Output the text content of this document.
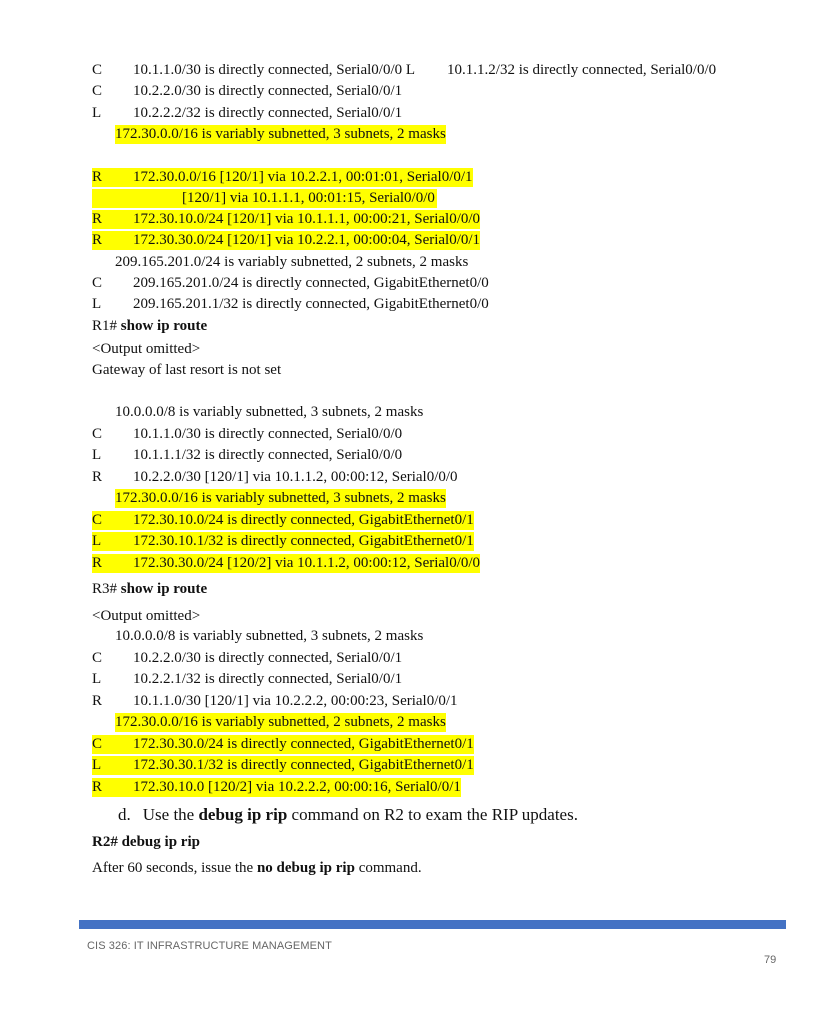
C 10.1.1.0/30 is directly connected, Serial0/0/0 L 10.1.1.2/32 is directly connected, Serial0/0/0
C 10.2.2.0/30 is directly connected, Serial0/0/1
L 10.2.2.2/32 is directly connected, Serial0/0/1
172.30.0.0/16 is variably subnetted, 3 subnets, 2 masks
R 172.30.0.0/16 [120/1] via 10.2.2.1, 00:01:01, Serial0/0/1
[120/1] via 10.1.1.1, 00:01:15, Serial0/0/0
R 172.30.10.0/24 [120/1] via 10.1.1.1, 00:00:21, Serial0/0/0
R 172.30.30.0/24 [120/1] via 10.2.2.1, 00:00:04, Serial0/0/1
209.165.201.0/24 is variably subnetted, 2 subnets, 2 masks
C 209.165.201.0/24 is directly connected, GigabitEthernet0/0
L 209.165.201.1/32 is directly connected, GigabitEthernet0/0
R1# show ip route
<Output omitted>
Gateway of last resort is not set
10.0.0.0/8 is variably subnetted, 3 subnets, 2 masks
C 10.1.1.0/30 is directly connected, Serial0/0/0
L 10.1.1.1/32 is directly connected, Serial0/0/0
R 10.2.2.0/30 [120/1] via 10.1.1.2, 00:00:12, Serial0/0/0
172.30.0.0/16 is variably subnetted, 3 subnets, 2 masks
C 172.30.10.0/24 is directly connected, GigabitEthernet0/1
L 172.30.10.1/32 is directly connected, GigabitEthernet0/1
R 172.30.30.0/24 [120/2] via 10.1.1.2, 00:00:12, Serial0/0/0
R3# show ip route
<Output omitted>
10.0.0.0/8 is variably subnetted, 3 subnets, 2 masks
C 10.2.2.0/30 is directly connected, Serial0/0/1
L 10.2.2.1/32 is directly connected, Serial0/0/1
R 10.1.1.0/30 [120/1] via 10.2.2.2, 00:00:23, Serial0/0/1
172.30.0.0/16 is variably subnetted, 2 subnets, 2 masks
C 172.30.30.0/24 is directly connected, GigabitEthernet0/1
L 172.30.30.1/32 is directly connected, GigabitEthernet0/1
R 172.30.10.0 [120/2] via 10.2.2.2, 00:00:16, Serial0/0/1
d. Use the debug ip rip command on R2 to exam the RIP updates.
R2# debug ip rip
After 60 seconds, issue the no debug ip rip command.
CIS 326: IT INFRASTRUCTURE MANAGEMENT
79
